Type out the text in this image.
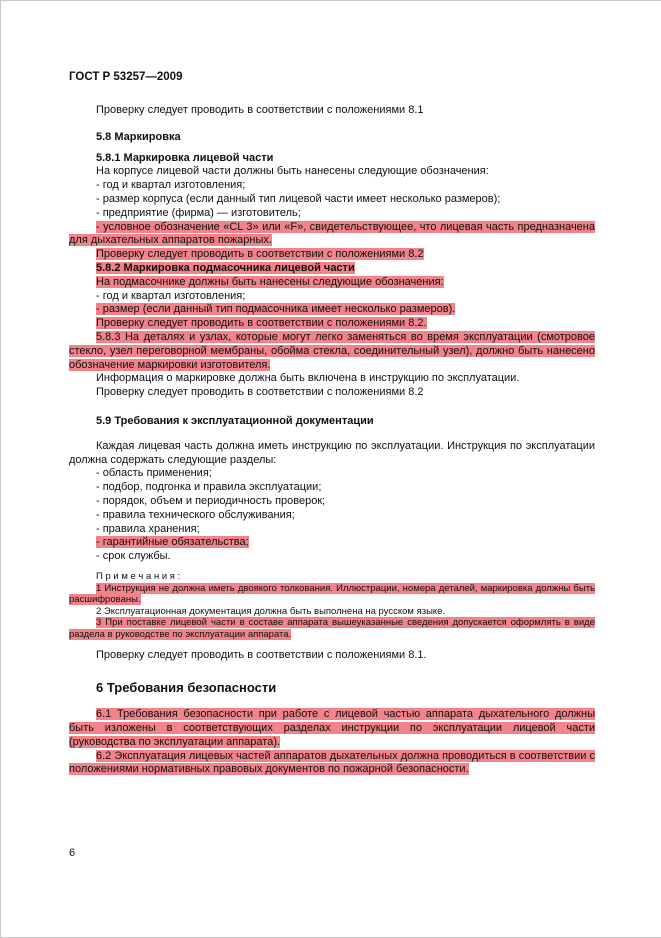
ГОСТ Р 53257—2009
Проверку следует проводить в соответствии с положениями 8.1
5.8 Маркировка
5.8.1 Маркировка лицевой части
На корпусе лицевой части должны быть нанесены следующие обозначения:
- год и квартал изготовления;
- размер корпуса (если данный тип лицевой части имеет несколько размеров);
- предприятие (фирма) — изготовитель;
- условное обозначение «CL 3» или «F», свидетельствующее, что лицевая часть предназначена для дыхательных аппаратов пожарных.
Проверку следует проводить в соответствии с положениями 8.2
5.8.2 Маркировка подмасочника лицевой части
На подмасочнике должны быть нанесены следующие обозначения:
- год и квартал изготовления;
- размер (если данный тип подмасочника имеет несколько размеров).
Проверку следует проводить в соответствии с положениями 8.2.
5.8.3 На деталях и узлах, которые могут легко заменяться во время эксплуатации (смотровое стекло, узел переговорной мембраны, обойма стекла, соединительный узел), должно быть нанесено обозначение маркировки изготовителя.
Информация о маркировке должна быть включена в инструкцию по эксплуатации.
Проверку следует проводить в соответствии с положениями 8.2
5.9 Требования к эксплуатационной документации
Каждая лицевая часть должна иметь инструкцию по эксплуатации. Инструкция по эксплуатации должна содержать следующие разделы:
- область применения;
- подбор, подгонка и правила эксплуатации;
- порядок, объем и периодичность проверок;
- правила технического обслуживания;
- правила хранения;
- гарантийные обязательства;
- срок службы.
П р и м е ч а н и я :
1 Инструкция не должна иметь двоякого толкования. Иллюстрации, номера деталей, маркировка должны быть расшифрованы.
2 Эксплуатационная документация должна быть выполнена на русском языке.
3 При поставке лицевой части в составе аппарата вышеуказанные сведения допускается оформлять в виде раздела в руководстве по эксплуатации аппарата.
Проверку следует проводить в соответствии с положениями 8.1.
6 Требования безопасности
6.1 Требования безопасности при работе с лицевой частью аппарата дыхательного должны быть изложены в соответствующих разделах инструкции по эксплуатации лицевой части (руководства по эксплуатации аппарата).
6.2 Эксплуатация лицевых частей аппаратов дыхательных должна проводиться в соответствии с положениями нормативных правовых документов по пожарной безопасности.
6
